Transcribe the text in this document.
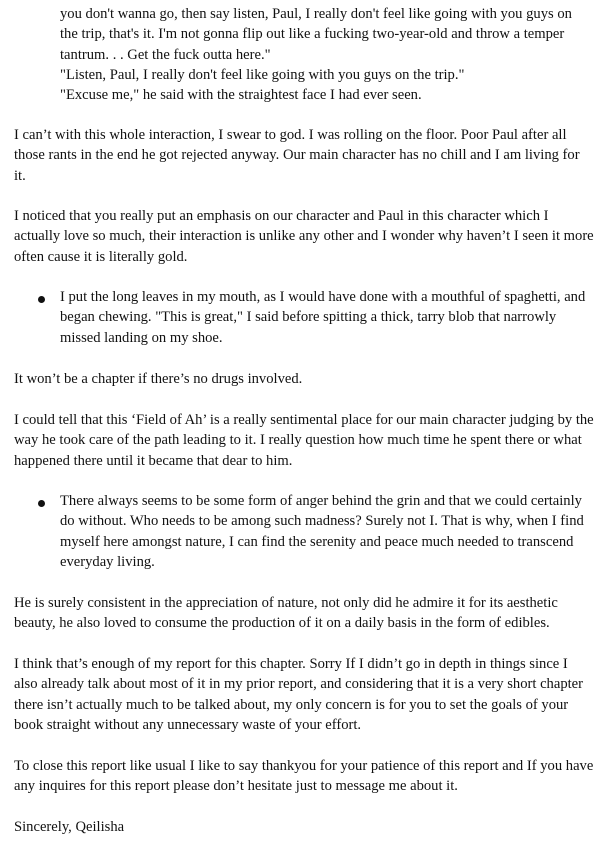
you don't wanna go, then say listen, Paul, I really don't feel like going with you guys on the trip, that's it. I'm not gonna flip out like a fucking two-year-old and throw a temper tantrum. . . Get the fuck outta here."

"Listen, Paul, I really don't feel like going with you guys on the trip."

"Excuse me," he said with the straightest face I had ever seen.

I can’t with this whole interaction, I swear to god. I was rolling on the floor. Poor Paul after all those rants in the end he got rejected anyway. Our main character has no chill and I am living for it.

I noticed that you really put an emphasis on our character and Paul in this character which I actually love so much, their interaction is unlike any other and I wonder why haven’t I seen it more often cause it is literally gold.

I put the long leaves in my mouth, as I would have done with a mouthful of spaghetti, and began chewing. "This is great," I said before spitting a thick, tarry blob that narrowly missed landing on my shoe.

It won’t be a chapter if there’s no drugs involved.

I could tell that this ‘Field of Ah’ is a really sentimental place for our main character judging by the way he took care of the path leading to it. I really question how much time he spent there or what happened there until it became that dear to him.

There always seems to be some form of anger behind the grin and that we could certainly do without. Who needs to be among such madness? Surely not I. That is why, when I find myself here amongst nature, I can find the serenity and peace much needed to transcend everyday living.

He is surely consistent in the appreciation of nature, not only did he admire it for its aesthetic beauty, he also loved to consume the production of it on a daily basis in the form of edibles.

I think that’s enough of my report for this chapter. Sorry If I didn’t go in depth in things since I also already talk about most of it in my prior report, and considering that it is a very short chapter there isn’t actually much to be talked about, my only concern is for you to set the goals of your book straight without any unnecessary waste of your effort.

To close this report like usual I like to say thankyou for your patience of this report and If you have any inquires for this report please don’t hesitate just to message me about it.

Sincerely, Qeilisha
